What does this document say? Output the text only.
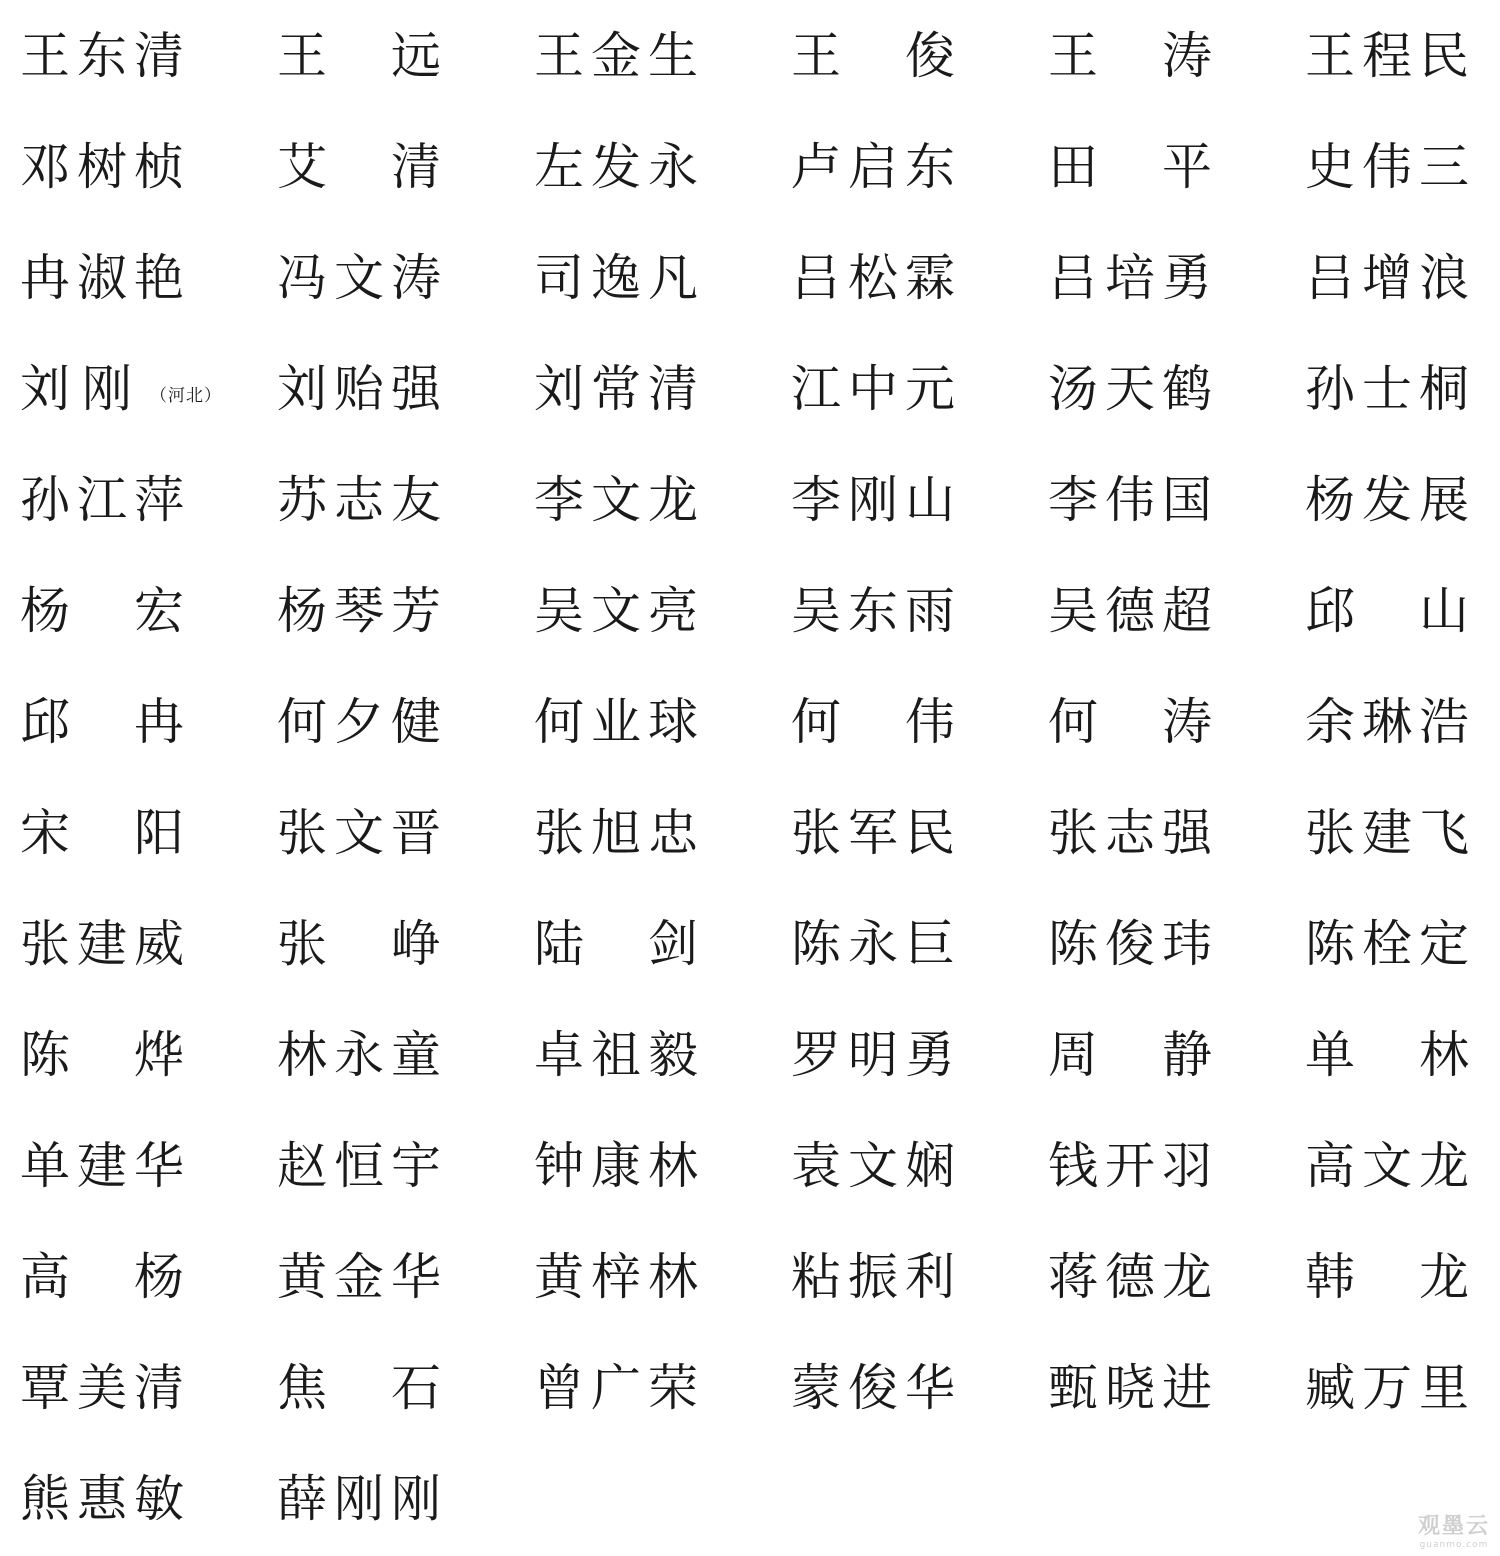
王 东 清 王 远 王 金 生 王 俊 王 涛 王 程 民
邓 树 桢 艾 清 左 发 永 卢 启 东 田 平 史 伟 三
冉 淑 艳 冯 文 涛 司 逸 凡 吕 松 霖 吕 培 勇 吕 增 浪
刘刚 （河北） 刘 贻 强 刘 常 清 江 中 元 汤 天 鹤 孙 士 桐
孙 江 萍 苏 志 友 李 文 龙 李 刚 山 李 伟 国 杨 发 展
杨 宏 杨 琴 芳 吴 文 亮 吴 东 雨 吴 德 超 邱 山
邱 冉 何 夕 健 何 业 球 何 伟 何 涛 余 琳 浩
宋 阳 张 文 晋 张 旭 忠 张 军 民 张 志 强 张 建 飞
张 建 威 张 峥 陆 剑 陈 永 巨 陈 俊 玮 陈 栓 定
陈 烨 林 永 童 卓 祖 毅 罗 明 勇 周 静 单 林
单 建 华 赵 恒 宇 钟 康 林 袁 文 娴 钱 开 羽 高 文 龙
高 杨 黄 金 华 黄 梓 林 粘 振 利 蒋 德 龙 韩 龙
覃 美 清 焦 石 曾 广 荣 蒙 俊 华 甄 晓 进 臧 万 里
熊 惠 敏 薛 刚 刚	观墨云
guanmo.com
